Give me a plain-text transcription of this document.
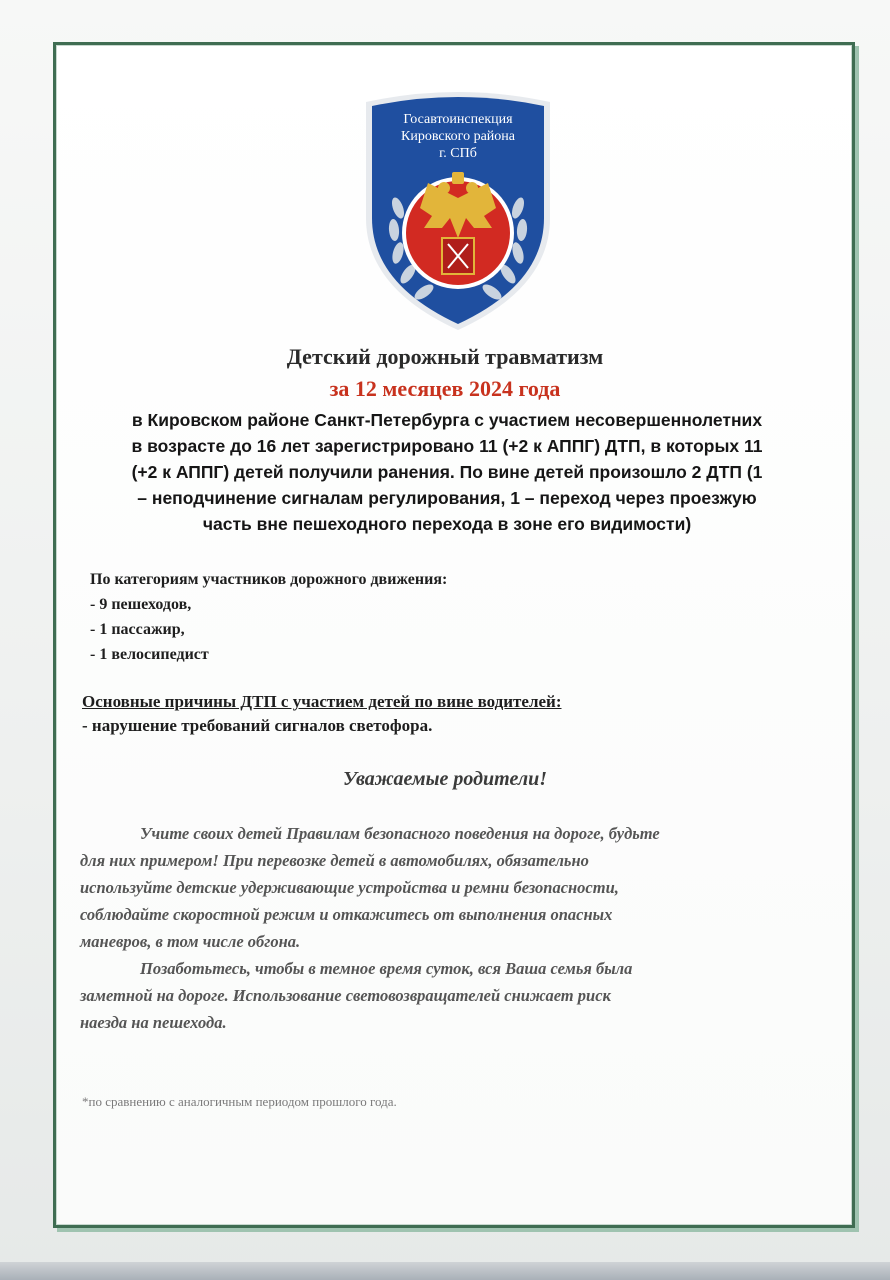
Госавтоинспекция
Кировского района
г. СПб
Детский дорожный травматизм
за 12 месяцев 2024 года
в Кировском районе Санкт-Петербурга с участием несовершеннолетних
в возрасте до 16 лет зарегистрировано 11 (+2 к АППГ) ДТП, в которых 11
(+2 к АППГ) детей получили ранения. По вине детей произошло 2 ДТП (1
– неподчинение сигналам регулирования, 1 – переход через проезжую
часть вне пешеходного перехода в зоне его видимости)
По категориям участников дорожного движения:
- 9 пешеходов,
- 1 пассажир,
- 1 велосипедист
Основные причины ДТП с участием детей по вине водителей:
- нарушение требований сигналов светофора.
Уважаемые родители!
Учите своих детей Правилам безопасного поведения на дороге, будьте
для них примером! При перевозке детей в автомобилях, обязательно
используйте детские удерживающие устройства и ремни безопасности,
соблюдайте скоростной режим и откажитесь от выполнения опасных
маневров, в том числе обгона.
Позаботьтесь, чтобы в темное время суток, вся Ваша семья была
заметной на дороге. Использование световозвращателей снижает риск
наезда на пешехода.
*по сравнению с аналогичным периодом прошлого года.
